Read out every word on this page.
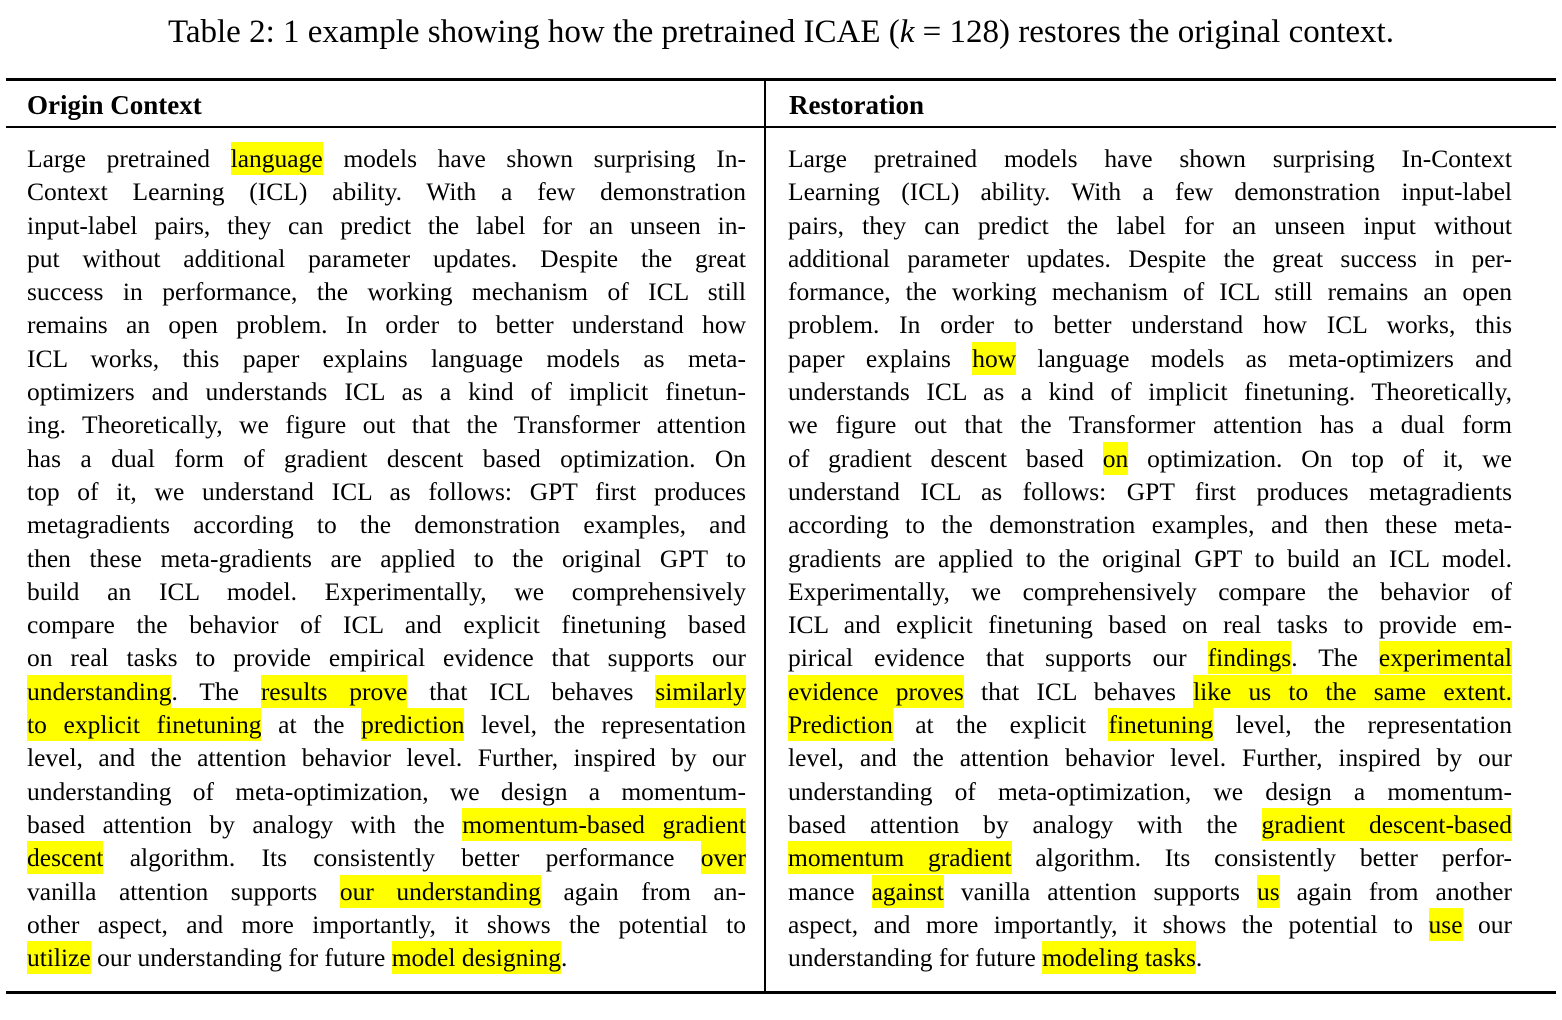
Table 2: 1 example showing how the pretrained ICAE (k = 128) restores the original context.
Origin Context	Restoration
Large pretrained language models have shown surprising In-
Context Learning (ICL) ability. With a few demonstration
input-label pairs, they can predict the label for an unseen in-
put without additional parameter updates. Despite the great
success in performance, the working mechanism of ICL still
remains an open problem. In order to better understand how
ICL works, this paper explains language models as meta-
optimizers and understands ICL as a kind of implicit finetun-
ing. Theoretically, we figure out that the Transformer attention
has a dual form of gradient descent based optimization. On
top of it, we understand ICL as follows: GPT first produces
metagradients according to the demonstration examples, and
then these meta-gradients are applied to the original GPT to
build an ICL model. Experimentally, we comprehensively
compare the behavior of ICL and explicit finetuning based
on real tasks to provide empirical evidence that supports our
understanding. The results prove that ICL behaves similarly
to explicit finetuning at the prediction level, the representation
level, and the attention behavior level. Further, inspired by our
understanding of meta-optimization, we design a momentum-
based attention by analogy with the momentum-based gradient
descent algorithm. Its consistently better performance over
vanilla attention supports our understanding again from an-
other aspect, and more importantly, it shows the potential to
utilize our understanding for future model designing.
Large pretrained models have shown surprising In-Context
Learning (ICL) ability. With a few demonstration input-label
pairs, they can predict the label for an unseen input without
additional parameter updates. Despite the great success in per-
formance, the working mechanism of ICL still remains an open
problem. In order to better understand how ICL works, this
paper explains how language models as meta-optimizers and
understands ICL as a kind of implicit finetuning. Theoretically,
we figure out that the Transformer attention has a dual form
of gradient descent based on optimization. On top of it, we
understand ICL as follows: GPT first produces metagradients
according to the demonstration examples, and then these meta-
gradients are applied to the original GPT to build an ICL model.
Experimentally, we comprehensively compare the behavior of
ICL and explicit finetuning based on real tasks to provide em-
pirical evidence that supports our findings. The experimental
evidence proves that ICL behaves like us to the same extent.
Prediction at the explicit finetuning level, the representation
level, and the attention behavior level. Further, inspired by our
understanding of meta-optimization, we design a momentum-
based attention by analogy with the gradient descent-based
momentum gradient algorithm. Its consistently better perfor-
mance against vanilla attention supports us again from another
aspect, and more importantly, it shows the potential to use our
understanding for future modeling tasks.
